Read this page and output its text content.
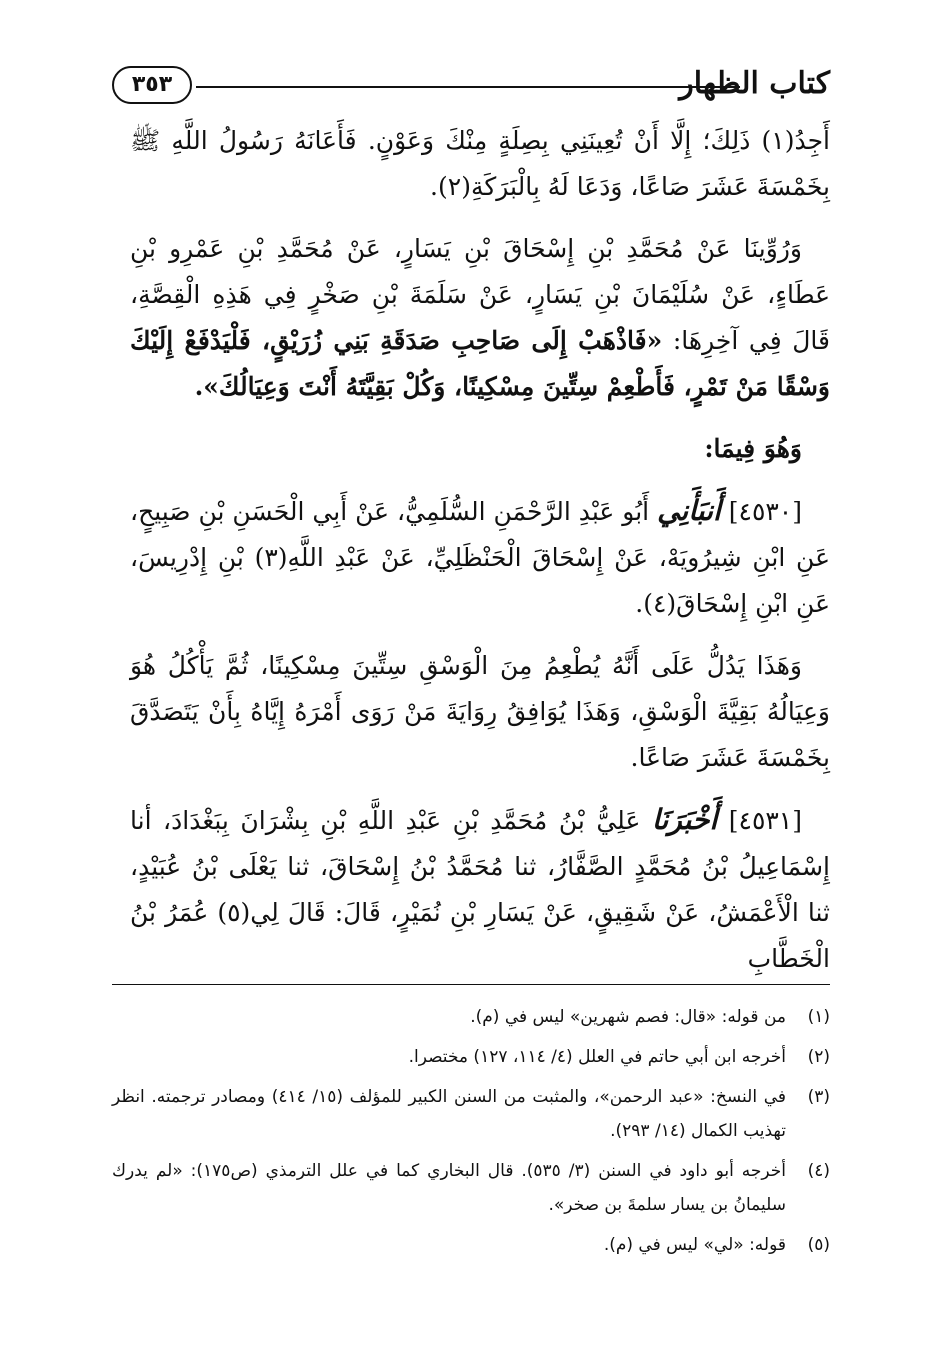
كتاب الظهار
٣٥٣

أَجِدُ(١) ذَلِكَ؛ إِلَّا أَنْ تُعِينَنِي بِصِلَةٍ مِنْكَ وَعَوْنٍ. فَأَعَانَهُ رَسُولُ اللَّهِ ﷺ بِخَمْسَةَ عَشَرَ صَاعًا، وَدَعَا لَهُ بِالْبَرَكَةِ(٢).

وَرُوِّينَا عَنْ مُحَمَّدِ بْنِ إِسْحَاقَ بْنِ يَسَارٍ، عَنْ مُحَمَّدِ بْنِ عَمْرِو بْنِ عَطَاءٍ، عَنْ سُلَيْمَانَ بْنِ يَسَارٍ، عَنْ سَلَمَةَ بْنِ صَخْرٍ فِي هَذِهِ الْقِصَّةِ، قَالَ فِي آخِرِهَا: «فَاذْهَبْ إِلَى صَاحِبِ صَدَقَةِ بَنِي زُرَيْقٍ، فَلْيَدْفَعْ إِلَيْكَ وَسْقًا مَنْ تَمْرٍ، فَأَطْعِمْ سِتِّينَ مِسْكِينًا، وَكُلْ بَقِيَّتَهُ أَنْتَ وَعِيَالُكَ».

وَهُوَ فِيمَا:

[٤٥٣٠] أَنبَأَنِي أَبُو عَبْدِ الرَّحْمَنِ السُّلَمِيُّ، عَنْ أَبِي الْحَسَنِ بْنِ صَبِيحٍ، عَنِ ابْنِ شِيرُويَهْ، عَنْ إِسْحَاقَ الْحَنْظَلِيِّ، عَنْ عَبْدِ اللَّهِ(٣) بْنِ إِدْرِيسَ، عَنِ ابْنِ إِسْحَاقَ(٤).

وَهَذَا يَدُلُّ عَلَى أَنَّهُ يُطْعِمُ مِنَ الْوَسْقِ سِتِّينَ مِسْكِينًا، ثُمَّ يَأْكُلُ هُوَ وَعِيَالُهُ بَقِيَّةَ الْوَسْقِ، وَهَذَا يُوَافِقُ رِوَايَةَ مَنْ رَوَى أَمْرَهُ إِيَّاهُ بِأَنْ يَتَصَدَّقَ بِخَمْسَةَ عَشَرَ صَاعًا.

[٤٥٣١] أَخْبَرَنَا عَلِيُّ بْنُ مُحَمَّدِ بْنِ عَبْدِ اللَّهِ بْنِ بِشْرَانَ بِبَغْدَادَ، أنا إِسْمَاعِيلُ بْنُ مُحَمَّدٍ الصَّفَّارُ، ثنا مُحَمَّدُ بْنُ إِسْحَاقَ، ثنا يَعْلَى بْنُ عُبَيْدٍ، ثنا الْأَعْمَشُ، عَنْ شَقِيقٍ، عَنْ يَسَارِ بْنِ نُمَيْرٍ، قَالَ: قَالَ لِي(٥) عُمَرُ بْنُ الْخَطَّابِ

(١)
من قوله: «قال: فصم شهرين» ليس في (م).
(٢)
أخرجه ابن أبي حاتم في العلل (٤/ ١١٤، ١٢٧) مختصرا.
(٣)
في النسخ: «عبد الرحمن»، والمثبت من السنن الكبير للمؤلف (١٥/ ٤١٤) ومصادر ترجمته. انظر تهذيب الكمال (١٤/ ٢٩٣).
(٤)
أخرجه أبو داود في السنن (٣/ ٥٣٥). قال البخاري كما في علل الترمذي (ص١٧٥): «لم يدرك سليمانُ بن يسار سلمةَ بن صخر».
(٥)
قوله: «لي» ليس في (م).
